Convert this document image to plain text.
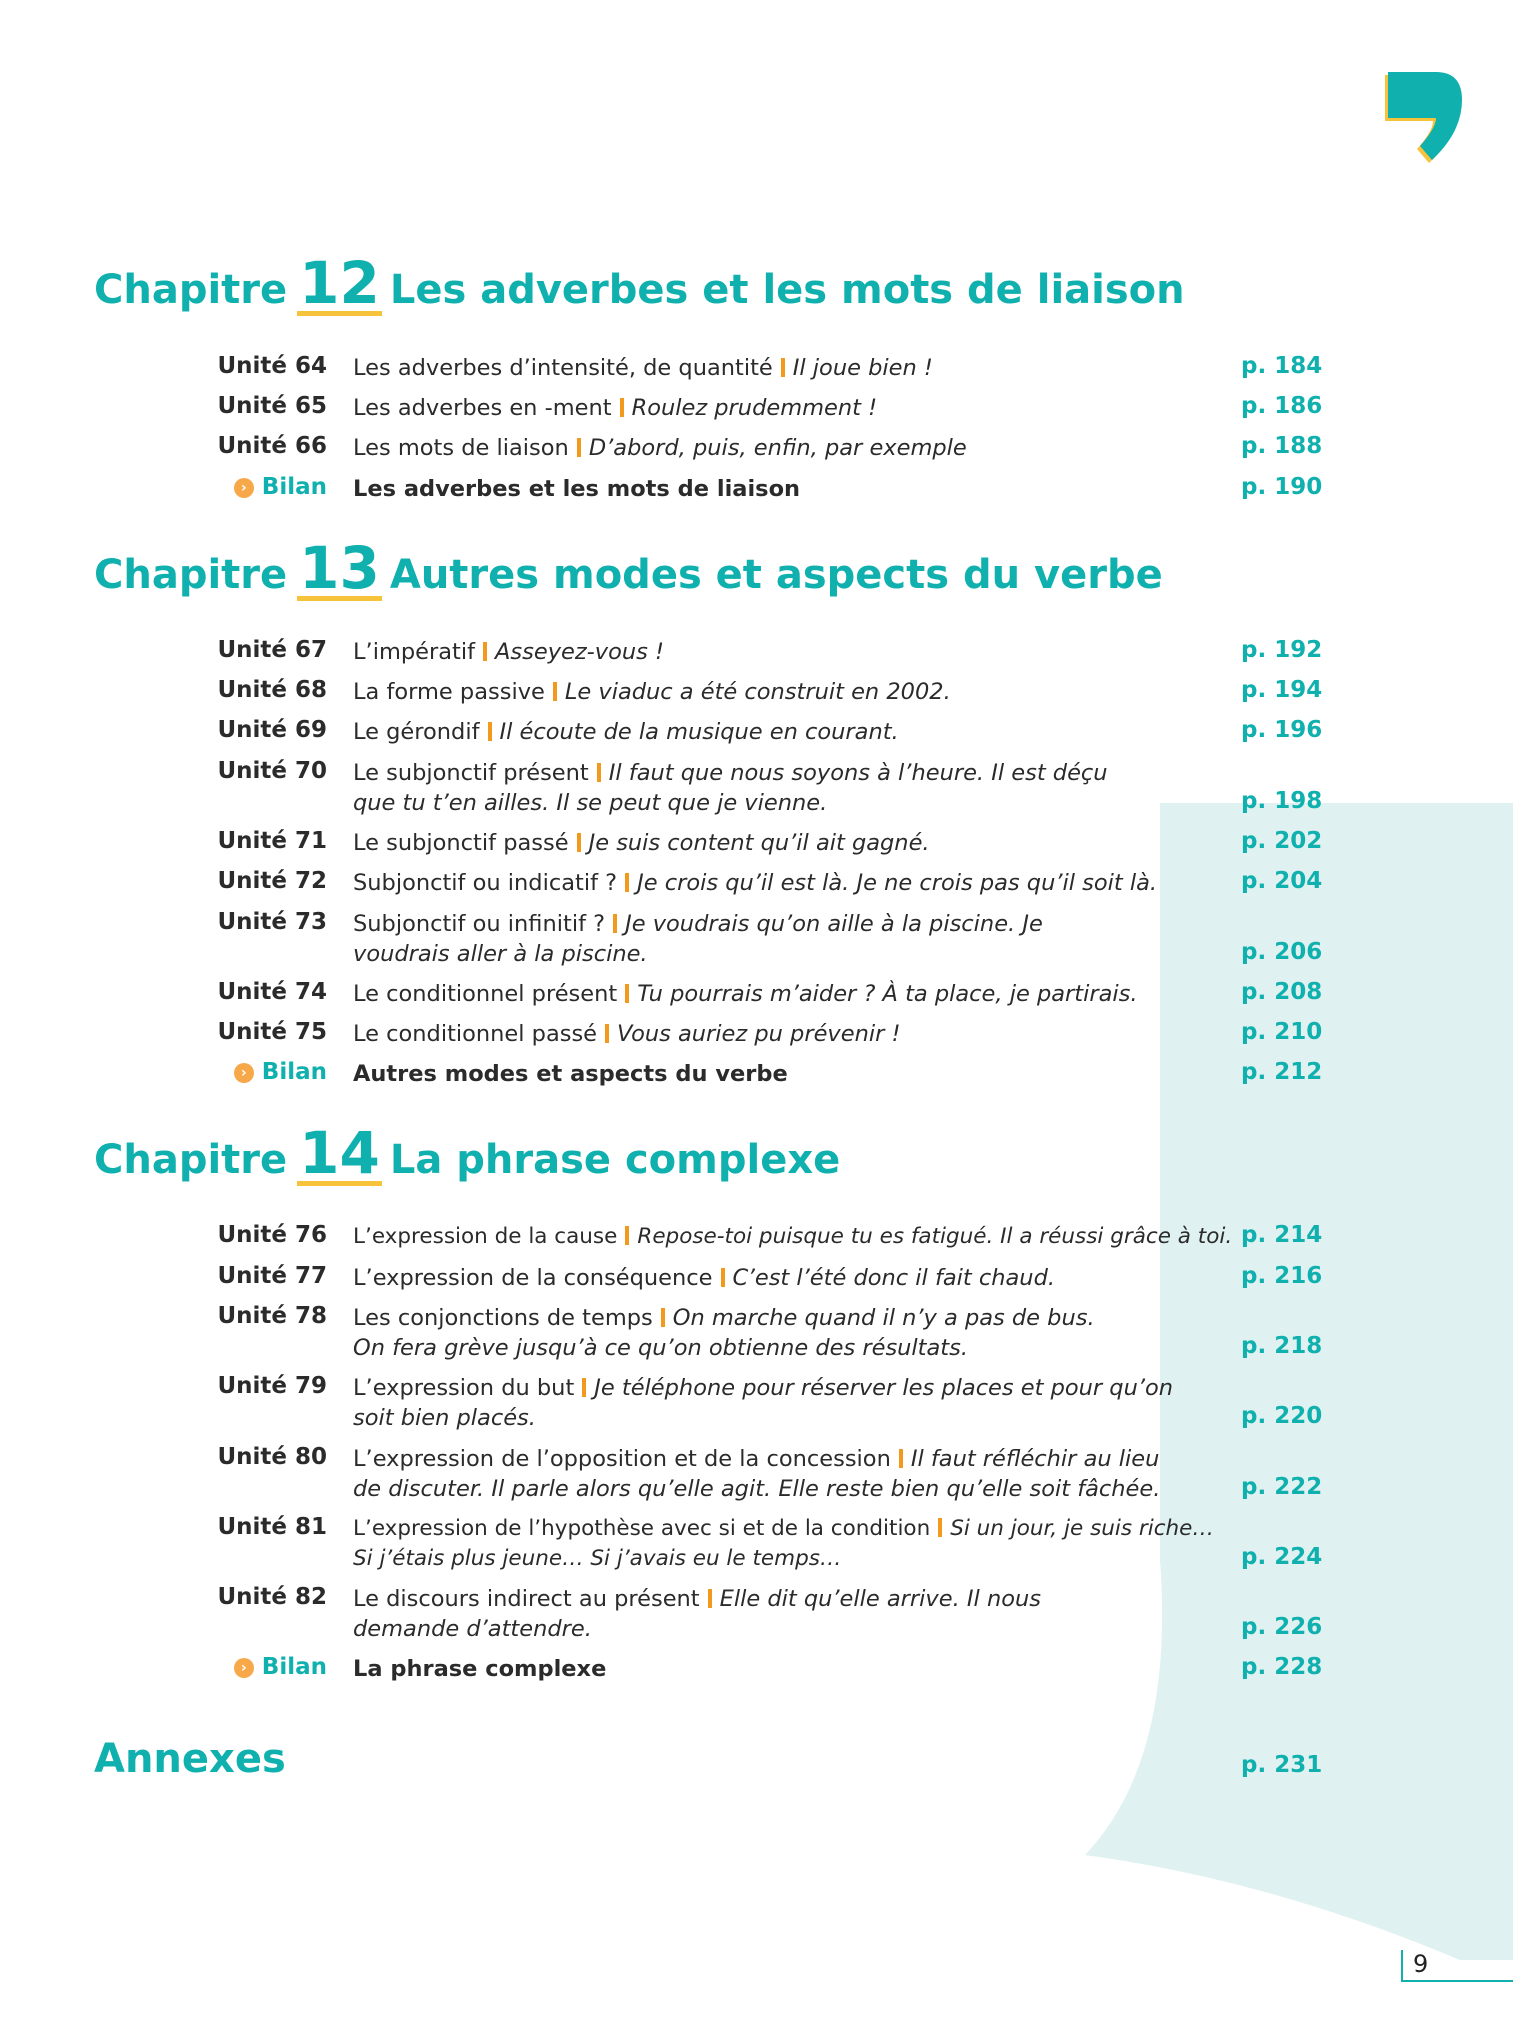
Chapitre 12 Les adverbes et les mots de liaison
Unité 64 Les adverbes d’intensité, de quantité Il joue bien !	p. 184
Unité 65 Les adverbes en -ment Roulez prudemment !	p. 186
Unité 66 Les mots de liaison D’abord, puis, enfin, par exemple	p. 188
› Bilan Les adverbes et les mots de liaison	p. 190
Chapitre 13 Autres modes et aspects du verbe
Unité 67 L’impératif Asseyez-vous !	p. 192
Unité 68 La forme passive Le viaduc a été construit en 2002.	p. 194
Unité 69 Le gérondif Il écoute de la musique en courant.	p. 196
Unité 70 Le subjonctif présent Il faut que nous soyons à l’heure. Il est déçu que tu t’en ailles. Il se peut que je vienne.	p. 198
Unité 71 Le subjonctif passé Je suis content qu’il ait gagné.	p. 202
Unité 72 Subjonctif ou indicatif ? Je crois qu’il est là. Je ne crois pas qu’il soit là.	p. 204
Unité 73 Subjonctif ou infinitif ? Je voudrais qu’on aille à la piscine. Je voudrais aller à la piscine.	p. 206
Unité 74 Le conditionnel présent Tu pourrais m’aider ? À ta place, je partirais.	p. 208
Unité 75 Le conditionnel passé Vous auriez pu prévenir !	p. 210
› Bilan Autres modes et aspects du verbe	p. 212
Chapitre 14 La phrase complexe
Unité 76 L’expression de la cause Repose-toi puisque tu es fatigué. Il a réussi grâce à toi. p. 214
Unité 77 L’expression de la conséquence C’est l’été donc il fait chaud.	p. 216
Unité 78 Les conjonctions de temps On marche quand il n’y a pas de bus. On fera grève jusqu’à ce qu’on obtienne des résultats.	p. 218
Unité 79 L’expression du but Je téléphone pour réserver les places et pour qu’on soit bien placés.	p. 220
Unité 80 L’expression de l’opposition et de la concession Il faut réfléchir au lieu de discuter. Il parle alors qu’elle agit. Elle reste bien qu’elle soit fâchée.	p. 222
Unité 81 L’expression de l’hypothèse avec si et de la condition Si un jour, je suis riche… Si j’étais plus jeune… Si j’avais eu le temps…	p. 224
Unité 82 Le discours indirect au présent Elle dit qu’elle arrive. Il nous demande d’attendre.	p. 226
› Bilan La phrase complexe	p. 228
Annexes	p. 231
9
